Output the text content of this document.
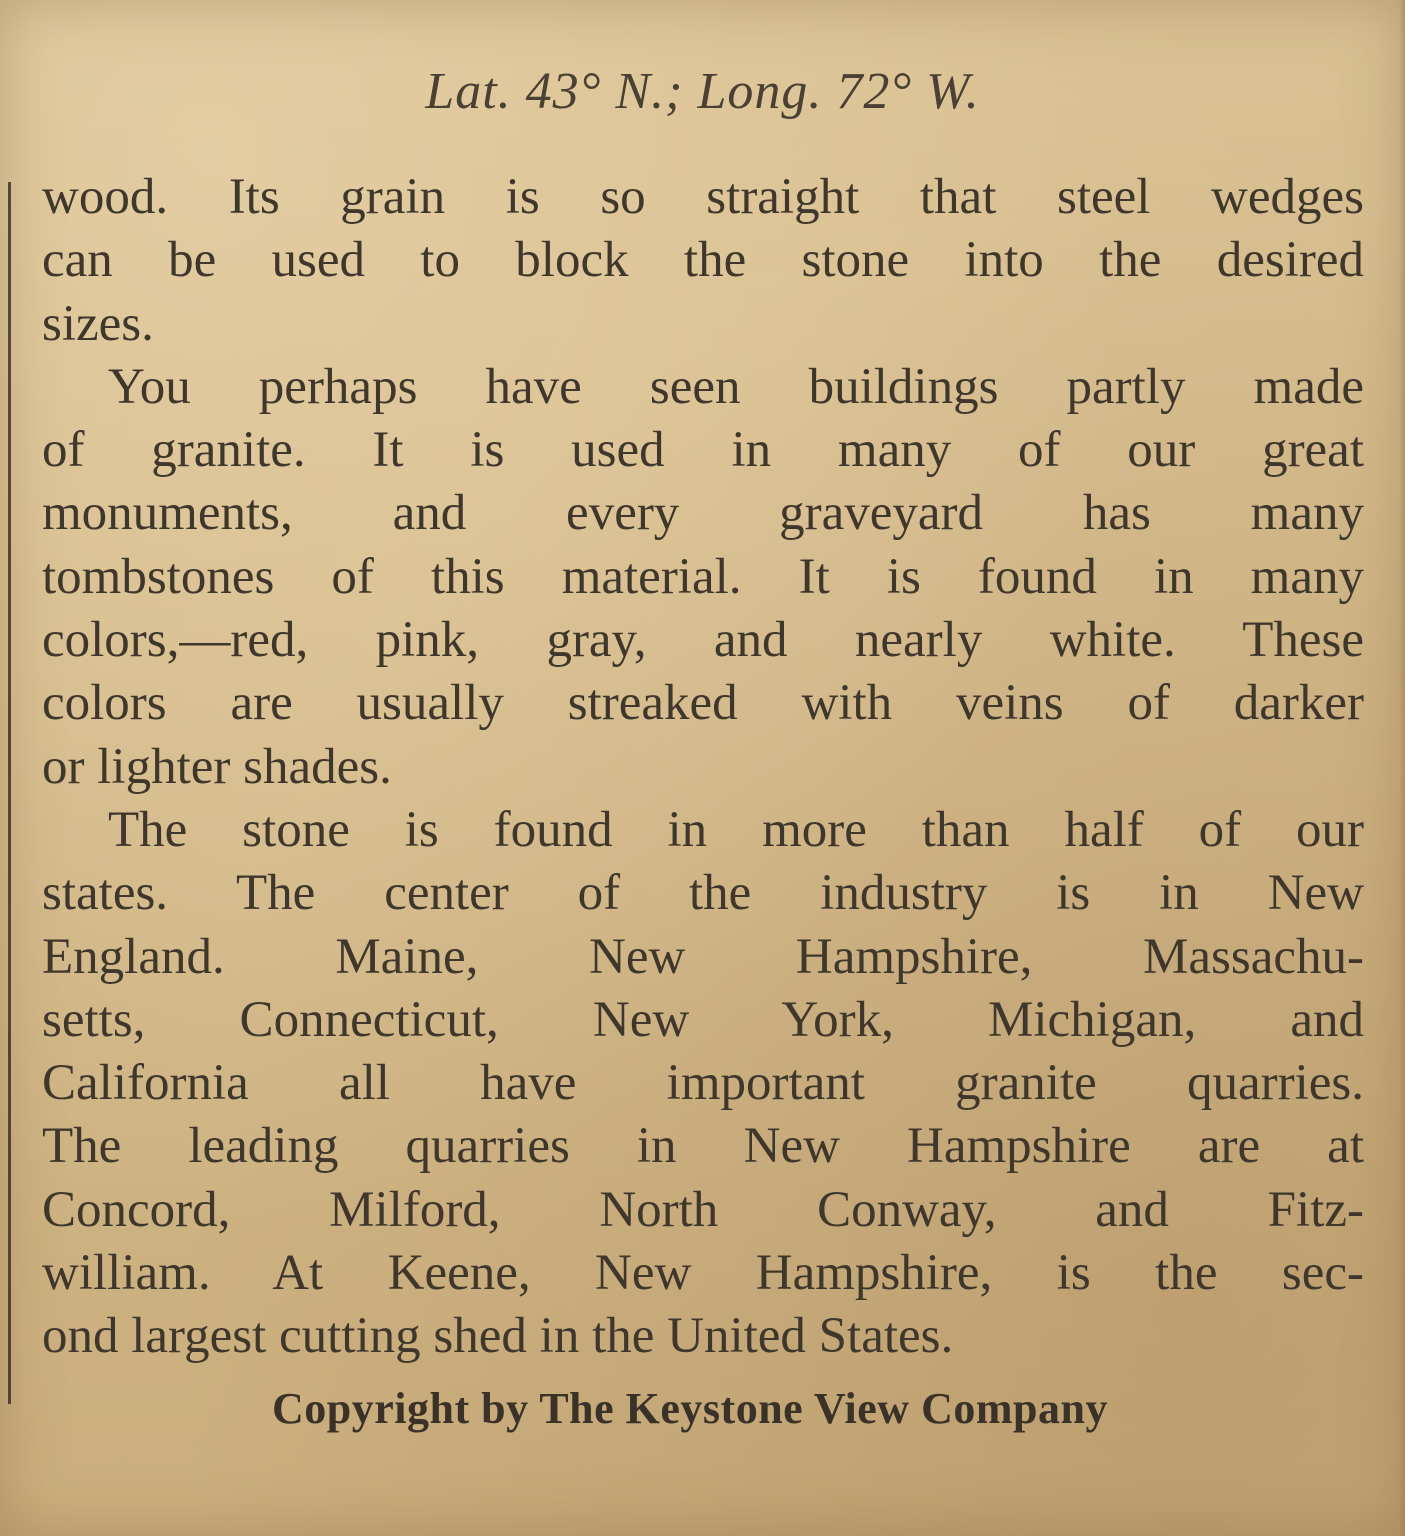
Lat. 43° N.; Long. 72° W.
wood. Its grain is so straight that steel wedges
can be used to block the stone into the desired
sizes.
You perhaps have seen buildings partly made
of granite. It is used in many of our great
monuments, and every graveyard has many
tombstones of this material. It is found in many
colors,—red, pink, gray, and nearly white. These
colors are usually streaked with veins of darker
or lighter shades.
The stone is found in more than half of our
states. The center of the industry is in New
England. Maine, New Hampshire, Massachu-
setts, Connecticut, New York, Michigan, and
California all have important granite quarries.
The leading quarries in New Hampshire are at
Concord, Milford, North Conway, and Fitz-
william. At Keene, New Hampshire, is the sec-
ond largest cutting shed in the United States.
Copyright by The Keystone View Company
